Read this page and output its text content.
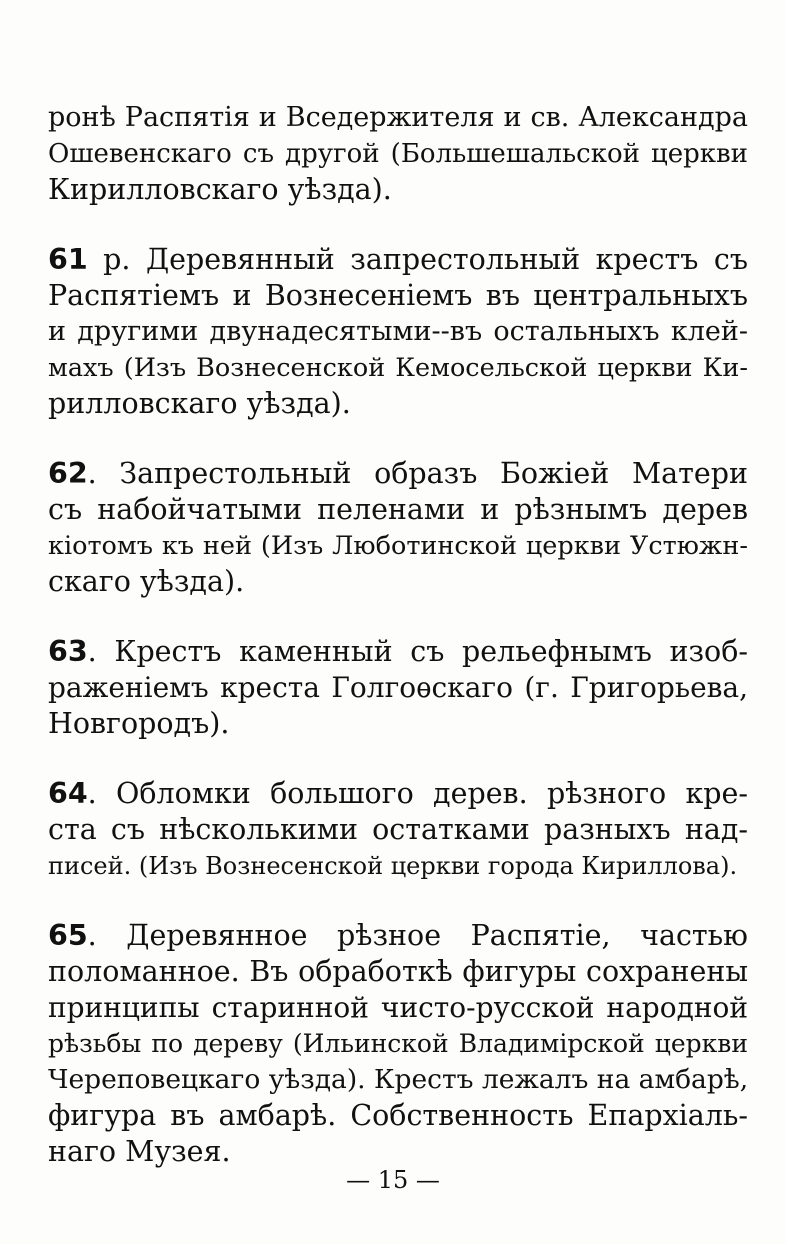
ронѣ Распятія и Вседержителя и св. Александра
Ошевенскаго съ другой (Большешальской церкви
Кирилловскаго уѣзда).
61 р. Деревянный запрестольный крестъ съ
Распятіемъ и Вознесеніемъ въ центральныхъ
и другими двунадесятыми--въ остальныхъ клей-
махъ (Изъ Вознесенской Кемосельской церкви Ки-
рилловскаго уѣзда).
62. Запрестольный образъ Божіей Матери
съ набойчатыми пеленами и рѣзнымъ дерев
кіотомъ къ ней (Изъ Люботинской церкви Устюжн-
скаго уѣзда).
63. Крестъ каменный съ рельефнымъ изоб-
раженіемъ креста Голгоѳскаго (г. Григорьева,
Новгородъ).
64. Обломки большого дерев. рѣзного кре-
ста съ нѣсколькими остатками разныхъ над-
писей. (Изъ Вознесенской церкви города Кириллова).
65. Деревянное рѣзное Распятіе, частью
поломанное. Въ обработкѣ фигуры сохранены
принципы старинной чисто-русской народной
рѣзьбы по дереву (Ильинской Владимірской церкви
Череповецкаго уѣзда). Крестъ лежалъ на амбарѣ,
фигура въ амбарѣ. Собственность Епархіаль-
наго Музея.
— 15 —
